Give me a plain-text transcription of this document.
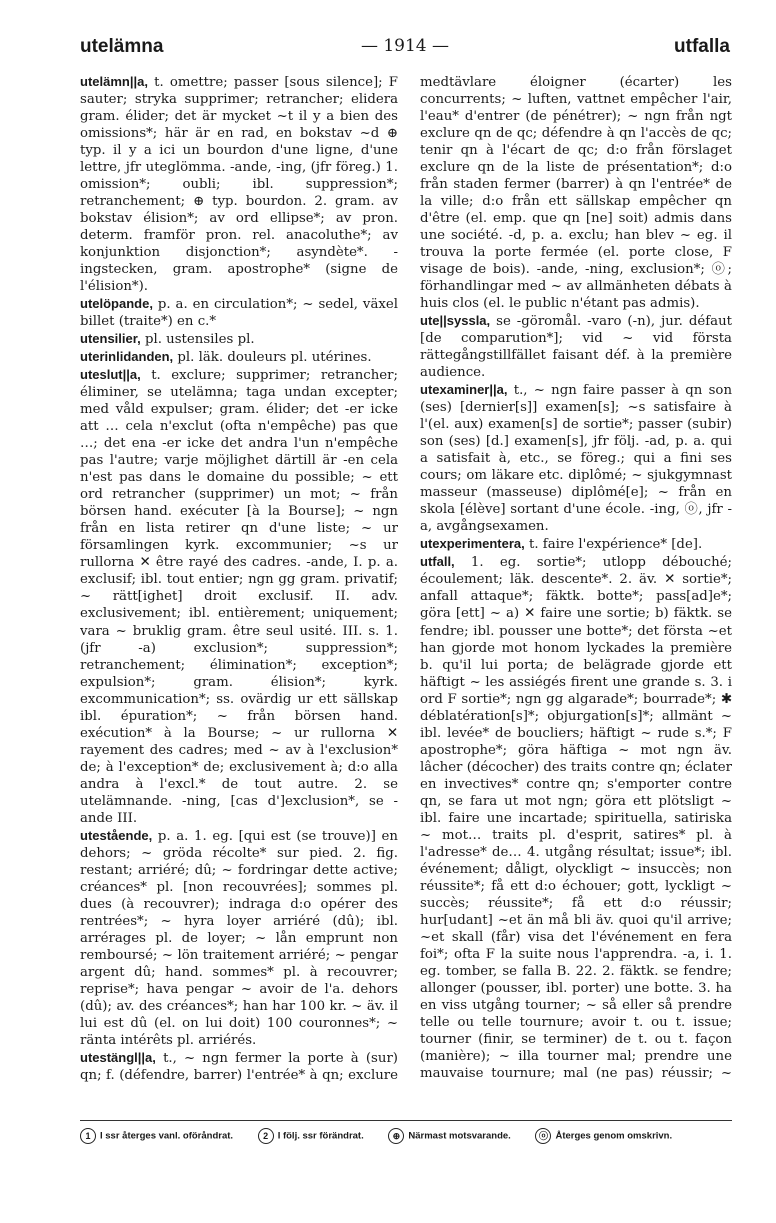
utelämna	— 1914 —	utfalla

utelämn||a, t. omettre; passer [sous silence]; F sauter; stryka supprimer; retrancher; elidera gram. élider; det är mycket ~t il y a bien des omissions*; här är en rad, en bokstav ~d ⊕ typ. il y a ici un bourdon d'une ligne, d'une lettre, jfr uteglömma. -ande, -ing, (jfr föreg.) 1. omission*; oubli; ibl. suppression*; retranchement; ⊕ typ. bourdon. 2. gram. av bokstav élision*; av ord ellipse*; av pron. determ. framför pron. rel. anacoluthe*; av konjunktion disjonction*; asyndète*. -ingstecken, gram. apostrophe* (signe de l'élision*).

utelöpande, p. a. en circulation*; ~ sedel, växel billet (traite*) en c.*

utensilier, pl. ustensiles pl.

uterinlidanden, pl. läk. douleurs pl. utérines.

uteslut||a, t. exclure; supprimer; retrancher; éliminer, se utelämna; taga undan excepter; med våld expulser; gram. élider; det -er icke att … cela n'exclut (ofta n'empêche) pas que …; det ena -er icke det andra l'un n'empêche pas l'autre; varje möjlighet därtill är -en cela n'est pas dans le domaine du possible; ~ ett ord retrancher (supprimer) un mot; ~ från börsen hand. exécuter [à la Bourse]; ~ ngn från en lista retirer qn d'une liste; ~ ur församlingen kyrk. excommunier; ~s ur rullorna ✕ être rayé des cadres. -ande, I. p. a. exclusif; ibl. tout entier; ngn gg gram. privatif; ~ rätt[ighet] droit exclusif. II. adv. exclusivement; ibl. entièrement; uniquement; vara ~ bruklig gram. être seul usité. III. s. 1. (jfr -a) exclusion*; suppression*; retranchement; élimination*; exception*; expulsion*; gram. élision*; kyrk. excommunication*; ss. ovärdig ur ett sällskap ibl. épuration*; ~ från börsen hand. exécution* à la Bourse; ~ ur rullorna ✕ rayement des cadres; med ~ av à l'exclusion* de; à l'exception* de; exclusivement à; d:o alla andra à l'excl.* de tout autre. 2. se utelämnande. -ning, [cas d']exclusion*, se -ande III.

utestående, p. a. 1. eg. [qui est (se trouve)] en dehors; ~ gröda récolte* sur pied. 2. fig. restant; arriéré; dû; ~ fordringar dette active; créances* pl. [non recouvrées]; sommes pl. dues (à recouvrer); indraga d:o opérer des rentrées*; ~ hyra loyer arriéré (dû); ibl. arrérages pl. de loyer; ~ lån emprunt non remboursé; ~ lön traitement arriéré; ~ pengar argent dû; hand. sommes* pl. à recouvrer; reprise*; hava pengar ~ avoir de l'a. dehors (dû); av. des créances*; han har 100 kr. ~ äv. il lui est dû (el. on lui doit) 100 couronnes*; ~ ränta intérêts pl. arriérés.

utestängl||a, t., ~ ngn fermer la porte à (sur) qn; f. (défendre, barrer) l'entrée* à qn; exclure

medtävlare éloigner (écarter) les concurrents; ~ luften, vattnet empêcher l'air, l'eau* d'entrer (de pénétrer); ~ ngn från ngt exclure qn de qc; défendre à qn l'accès de qc; tenir qn à l'écart de qc; d:o från förslaget exclure qn de la liste de présentation*; d:o från staden fermer (barrer) à qn l'entrée* de la ville; d:o från ett sällskap empêcher qn d'être (el. emp. que qn [ne] soit) admis dans une société. -d, p. a. exclu; han blev ~ eg. il trouva la porte fermée (el. porte close, F visage de bois). -ande, -ning, exclusion*; ⓞ; förhandlingar med ~ av allmänheten débats à huis clos (el. le public n'étant pas admis).

ute||syssla, se -göromål. -varo (-n), jur. défaut [de comparution*]; vid ~ vid första rättegångstillfället faisant déf. à la première audience.

utexaminer||a, t., ~ ngn faire passer à qn son (ses) [dernier[s]] examen[s]; ~s satisfaire à l'(el. aux) examen[s] de sortie*; passer (subir) son (ses) [d.] examen[s], jfr följ. -ad, p. a. qui a satisfait à, etc., se föreg.; qui a fini ses cours; om läkare etc. diplômé; ~ sjukgymnast masseur (masseuse) diplômé[e]; ~ från en skola [élève] sortant d'une école. -ing, ⓞ, jfr -a, avgångsexamen.

utexperimentera, t. faire l'expérience* [de].

utfall, 1. eg. sortie*; utlopp débouché; écoulement; läk. descente*. 2. äv. ✕ sortie*; anfall attaque*; fäktk. botte*; pass[ad]e*; göra [ett] ~ a) ✕ faire une sortie; b) fäktk. se fendre; ibl. pousser une botte*; det första ~et han gjorde mot honom lyckades la première b. qu'il lui porta; de belägrade gjorde ett häftigt ~ les assiégés firent une grande s. 3. i ord F sortie*; ngn gg algarade*; bourrade*; ✱ déblatération[s]*; objurgation[s]*; allmänt ~ ibl. levée* de boucliers; häftigt ~ rude s.*; F apostrophe*; göra häftiga ~ mot ngn äv. lâcher (décocher) des traits contre qn; éclater en invectives* contre qn; s'emporter contre qn, se fara ut mot ngn; göra ett plötsligt ~ ibl. faire une incartade; spirituella, satiriska ~ mot… traits pl. d'esprit, satires* pl. à l'adresse* de… 4. utgång résultat; issue*; ibl. événement; dåligt, olyckligt ~ insuccès; non réussite*; få ett d:o échouer; gott, lyckligt ~ succès; réussite*; få ett d:o réussir; hur[udant] ~et än må bli äv. quoi qu'il arrive; ~et skall (får) visa det l'événement en fera foi*; ofta F la suite nous l'apprendra. -a, i. 1. eg. tomber, se falla B. 22. 2. fäktk. se fendre; allonger (pousser, ibl. porter) une botte. 3. ha en viss utgång tourner; ~ så eller så prendre telle ou telle tournure; avoir t. ou t. issue; tourner (finir, se terminer) de t. ou t. façon (manière); ~ illa tourner mal; prendre une mauvaise tournure; mal (ne pas) réussir; ~

1 I ssr återges vanl. oföråndrat.	2 I följ. ssr förändrat.	⊕ Närmast motsvarande.	ⓞ Återges genom omskrivn.
